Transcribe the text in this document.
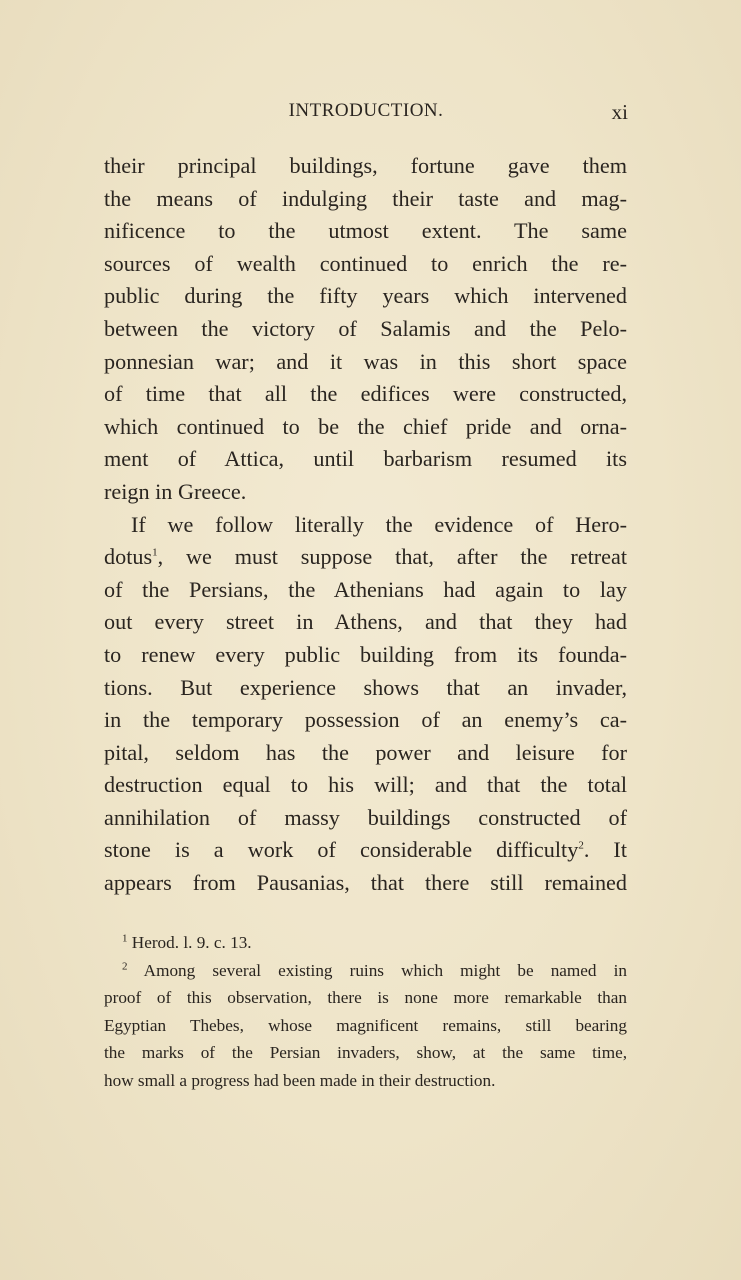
INTRODUCTION.	xi
their principal buildings, fortune gave them
the means of indulging their taste and mag-
nificence to the utmost extent. The same
sources of wealth continued to enrich the re-
public during the fifty years which intervened
between the victory of Salamis and the Pelo-
ponnesian war; and it was in this short space
of time that all the edifices were constructed,
which continued to be the chief pride and orna-
ment of Attica, until barbarism resumed its
reign in Greece.
If we follow literally the evidence of Hero-
dotus$^1$, we must suppose that, after the retreat
of the Persians, the Athenians had again to lay
out every street in Athens, and that they had
to renew every public building from its founda-
tions. But experience shows that an invader,
in the temporary possession of an enemy’s ca-
pital, seldom has the power and leisure for
destruction equal to his will; and that the total
annihilation of massy buildings constructed of
stone is a work of considerable difficulty$^2$. It
appears from Pausanias, that there still remained
$^1$ Herod. l. 9. c. 13.
$^2$ Among several existing ruins which might be named in
proof of this observation, there is none more remarkable than
Egyptian Thebes, whose magnificent remains, still bearing
the marks of the Persian invaders, show, at the same time,
how small a progress had been made in their destruction.
